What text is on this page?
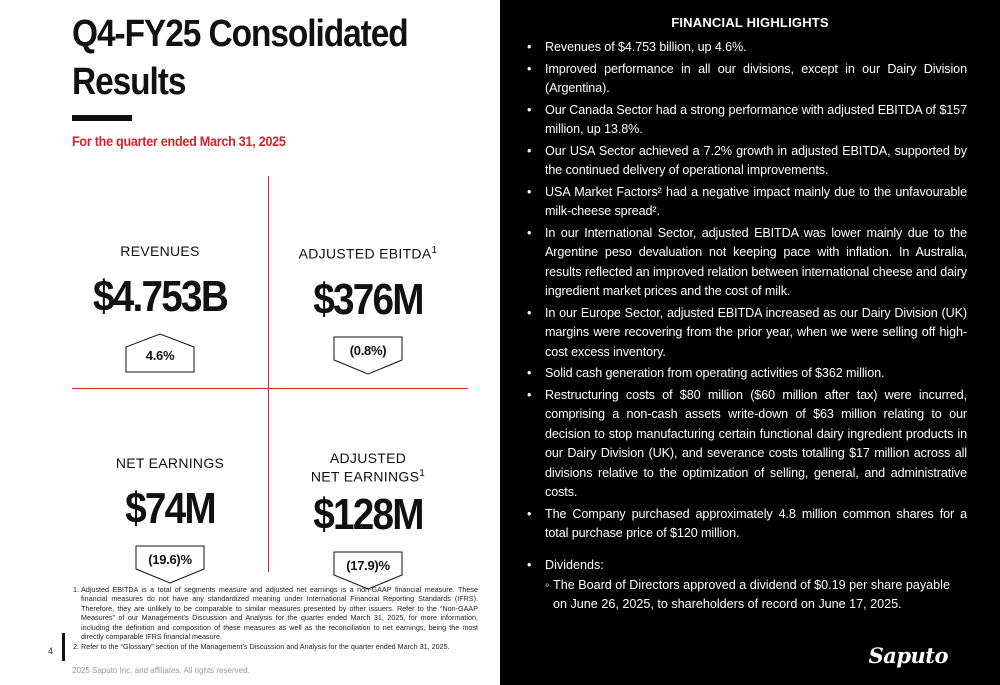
Q4-FY25 Consolidated
Results
For the quarter ended March 31, 2025
REVENUES
$4.753B
4.6%
ADJUSTED EBITDA$^1$
$376M
(0.8%)
NET EARNINGS
$74M
(19.6)%
ADJUSTED
NET EARNINGS$^1$
$128M
(17.9)%
1. Adjusted EBITDA is a total of segments measure and adjusted net earnings is a non-GAAP financial measure. These financial measures do not have any standardized meaning under International Financial Reporting Standards (IFRS). Therefore, they are unlikely to be comparable to similar measures presented by other issuers. Refer to the “Non-GAAP Measures” of our Management’s Discussion and Analysis for the quarter ended March 31, 2025, for more information, including the definition and composition of these measures as well as the reconciliation to net earnings, being the most directly comparable IFRS financial measure.
2. Refer to the “Glossary” section of the Management’s Discussion and Analysis for the quarter ended March 31, 2025.
4
2025 Saputo Inc. and affiliates. All rights reserved.
FINANCIAL HIGHLIGHTS
• Revenues of $4.753 billion, up 4.6%.
• Improved performance in all our divisions, except in our Dairy Division (Argentina).
• Our Canada Sector had a strong performance with adjusted EBITDA of $157 million, up 13.8%.
• Our USA Sector achieved a 7.2% growth in adjusted EBITDA, supported by the continued delivery of operational improvements.
• USA Market Factors² had a negative impact mainly due to the unfavourable milk-cheese spread².
• In our International Sector, adjusted EBITDA was lower mainly due to the Argentine peso devaluation not keeping pace with inflation. In Australia, results reflected an improved relation between international cheese and dairy ingredient market prices and the cost of milk.
• In our Europe Sector, adjusted EBITDA increased as our Dairy Division (UK) margins were recovering from the prior year, when we were selling off high-cost excess inventory.
• Solid cash generation from operating activities of $362 million.
• Restructuring costs of $80 million ($60 million after tax) were incurred, comprising a non-cash assets write-down of $63 million relating to our decision to stop manufacturing certain functional dairy ingredient products in our Dairy Division (UK), and severance costs totalling $17 million across all divisions relative to the optimization of selling, general, and administrative costs.
• The Company purchased approximately 4.8 million common shares for a total purchase price of $120 million.
• Dividends:
◦ The Board of Directors approved a dividend of $0.19 per share payable on June 26, 2025, to shareholders of record on June 17, 2025.
Saputo
